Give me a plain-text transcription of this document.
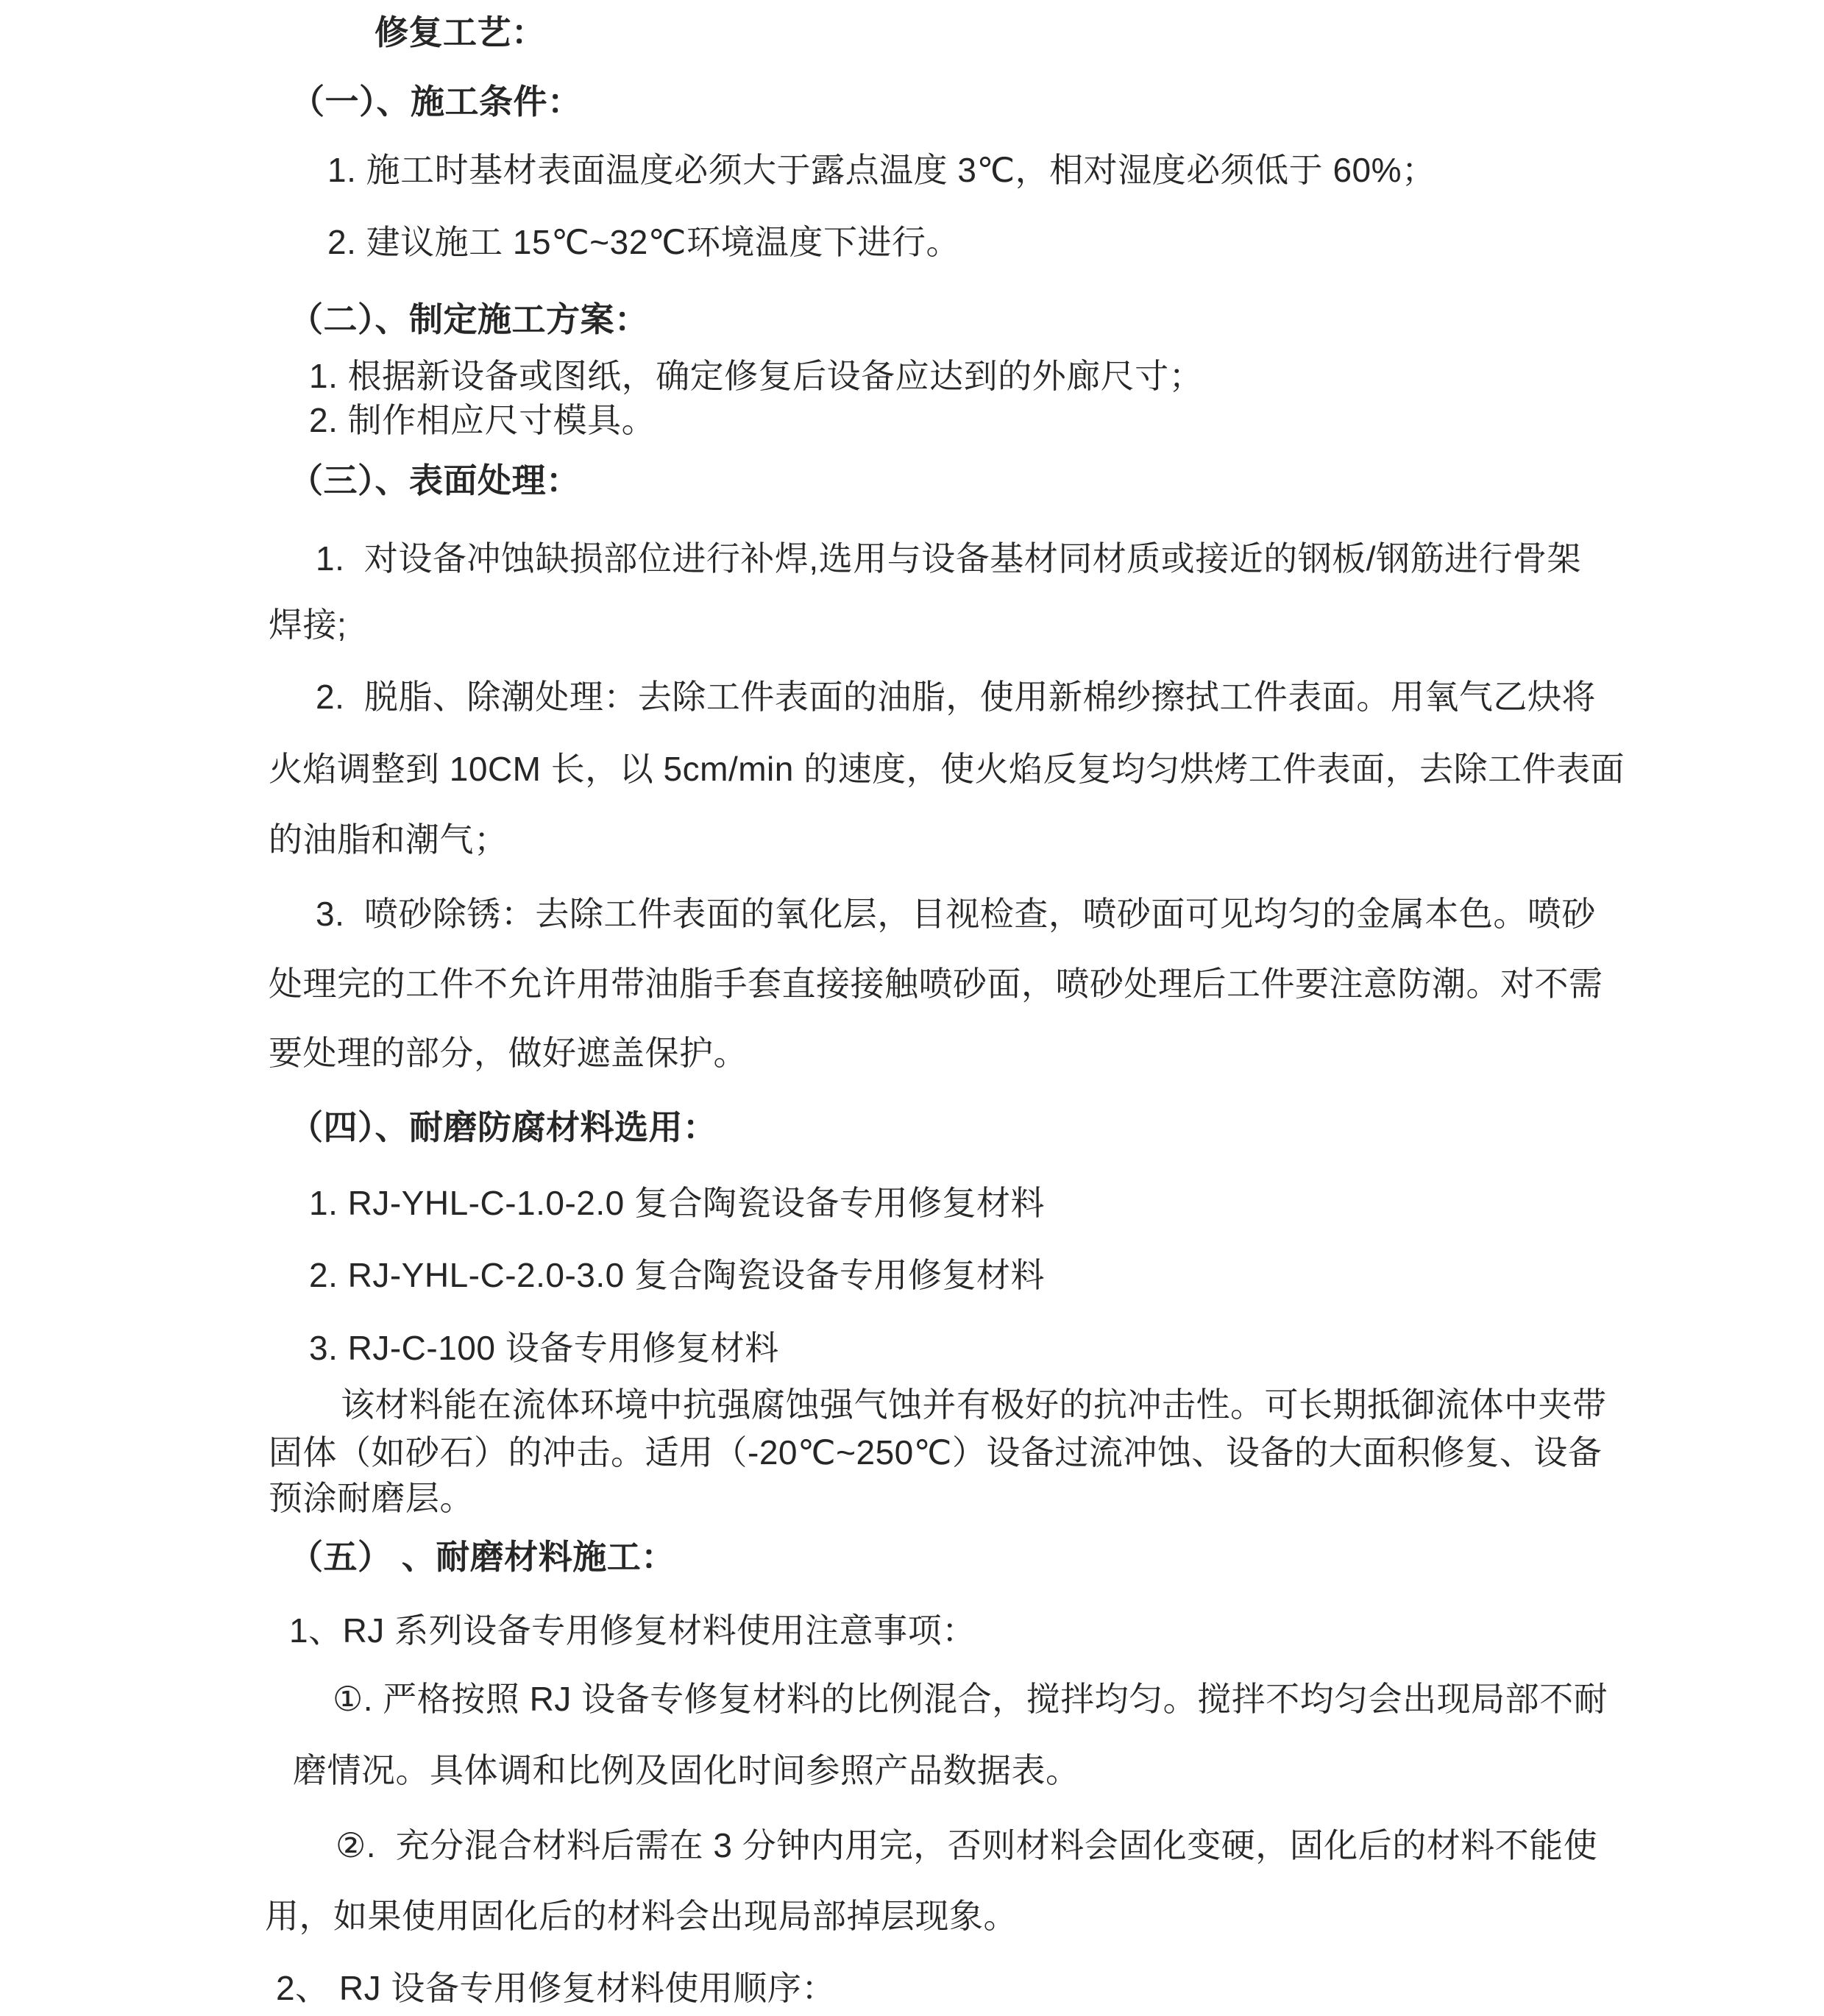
修复工艺：

（一）、施工条件：

1. 施工时基材表面温度必须大于露点温度 3℃，相对湿度必须低于 60%；

2. 建议施工 15℃~32℃环境温度下进行。

（二）、制定施工方案：

1. 根据新设备或图纸，确定修复后设备应达到的外廊尺寸；

2. 制作相应尺寸模具。

（三）、表面处理：

1.  对设备冲蚀缺损部位进行补焊,选用与设备基材同材质或接近的钢板/钢筋进行骨架

焊接;

2.  脱脂、除潮处理：去除工件表面的油脂，使用新棉纱擦拭工件表面。用氧气乙炔将

火焰调整到 10CM 长，以 5cm/min 的速度，使火焰反复均匀烘烤工件表面，去除工件表面

的油脂和潮气；

3.  喷砂除锈：去除工件表面的氧化层，目视检查，喷砂面可见均匀的金属本色。喷砂

处理完的工件不允许用带油脂手套直接接触喷砂面，喷砂处理后工件要注意防潮。对不需

要处理的部分，做好遮盖保护。

（四）、耐磨防腐材料选用：

1. RJ-YHL-C-1.0-2.0 复合陶瓷设备专用修复材料

2. RJ-YHL-C-2.0-3.0 复合陶瓷设备专用修复材料

3. RJ-C-100 设备专用修复材料

该材料能在流体环境中抗强腐蚀强气蚀并有极好的抗冲击性。可长期抵御流体中夹带

固体（如砂石）的冲击。适用（-20℃~250℃）设备过流冲蚀、设备的大面积修复、设备

预涂耐磨层。

（五） 、耐磨材料施工：

1、RJ 系列设备专用修复材料使用注意事项：

①. 严格按照 RJ 设备专修复材料的比例混合，搅拌均匀。搅拌不均匀会出现局部不耐

磨情况。具体调和比例及固化时间参照产品数据表。

②.  充分混合材料后需在 3 分钟内用完，否则材料会固化变硬，固化后的材料不能使

用，如果使用固化后的材料会出现局部掉层现象。

2、 RJ 设备专用修复材料使用顺序：
